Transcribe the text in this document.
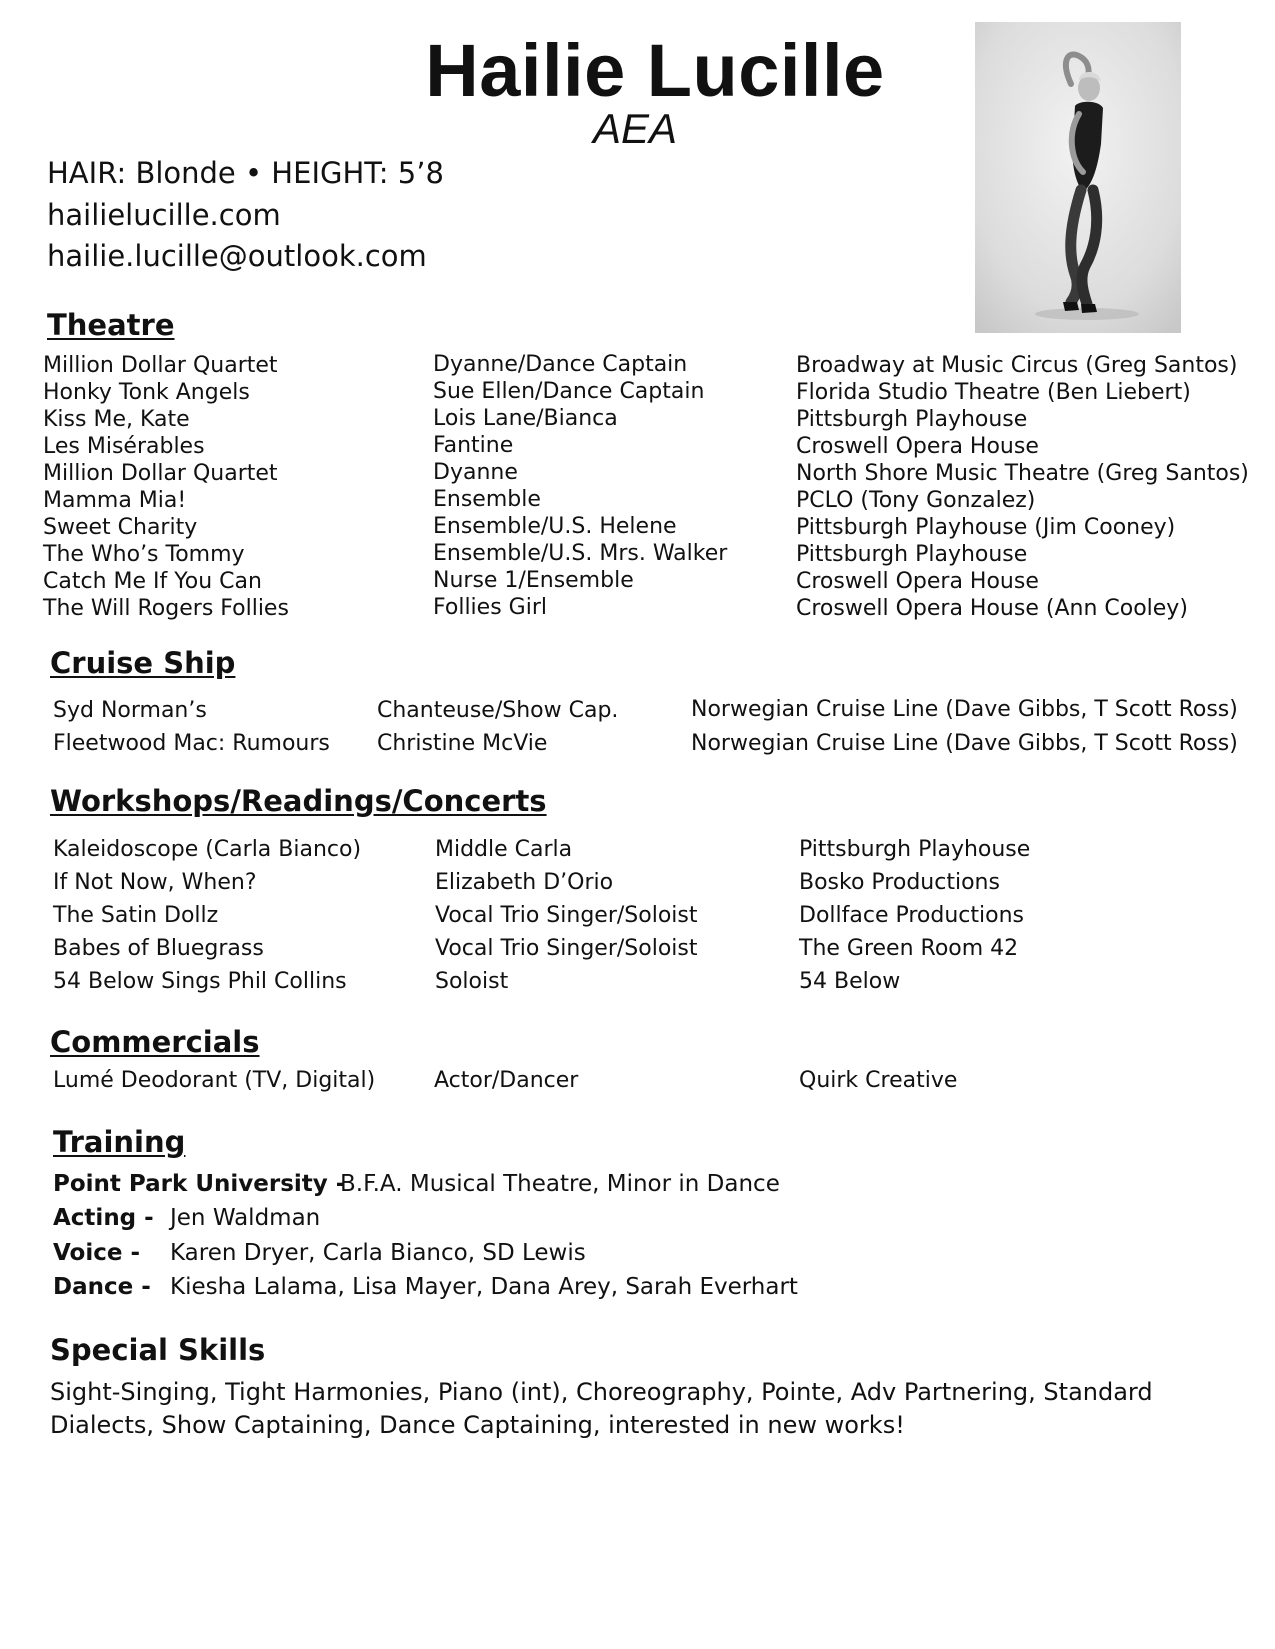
Hailie Lucille
AEA
HAIR: Blonde • HEIGHT: 5’8
hailielucille.com
hailie.lucille@outlook.com
Theatre
Million Dollar Quartet
Honky Tonk Angels
Kiss Me, Kate
Les Misérables
Million Dollar Quartet
Mamma Mia!
Sweet Charity
The Who’s Tommy
Catch Me If You Can
The Will Rogers Follies
Dyanne/Dance Captain
Sue Ellen/Dance Captain
Lois Lane/Bianca
Fantine
Dyanne
Ensemble
Ensemble/U.S. Helene
Ensemble/U.S. Mrs. Walker
Nurse 1/Ensemble
Follies Girl
Broadway at Music Circus (Greg Santos)
Florida Studio Theatre (Ben Liebert)
Pittsburgh Playhouse
Croswell Opera House
North Shore Music Theatre (Greg Santos)
PCLO (Tony Gonzalez)
Pittsburgh Playhouse (Jim Cooney)
Pittsburgh Playhouse
Croswell Opera House
Croswell Opera House (Ann Cooley)
Cruise Ship
Syd Norman’s
Fleetwood Mac: Rumours
Chanteuse/Show Cap.
Christine McVie
Norwegian Cruise Line (Dave Gibbs, T Scott Ross)
Norwegian Cruise Line (Dave Gibbs, T Scott Ross)
Workshops/Readings/Concerts
Kaleidoscope (Carla Bianco)
If Not Now, When?
The Satin Dollz
Babes of Bluegrass
54 Below Sings Phil Collins
Middle Carla
Elizabeth D’Orio
Vocal Trio Singer/Soloist
Vocal Trio Singer/Soloist
Soloist
Pittsburgh Playhouse
Bosko Productions
Dollface Productions
The Green Room 42
54 Below
Commercials
Lumé Deodorant (TV, Digital)	Actor/Dancer	Quirk Creative
Training
Point Park University -
B.F.A. Musical Theatre, Minor in Dance
Acting - Jen Waldman
Voice - Karen Dryer, Carla Bianco, SD Lewis
Dance - Kiesha Lalama, Lisa Mayer, Dana Arey, Sarah Everhart
Special Skills
Sight-Singing, Tight Harmonies, Piano (int), Choreography, Pointe, Adv Partnering, Standard Dialects, Show Captaining, Dance Captaining, interested in new works!
